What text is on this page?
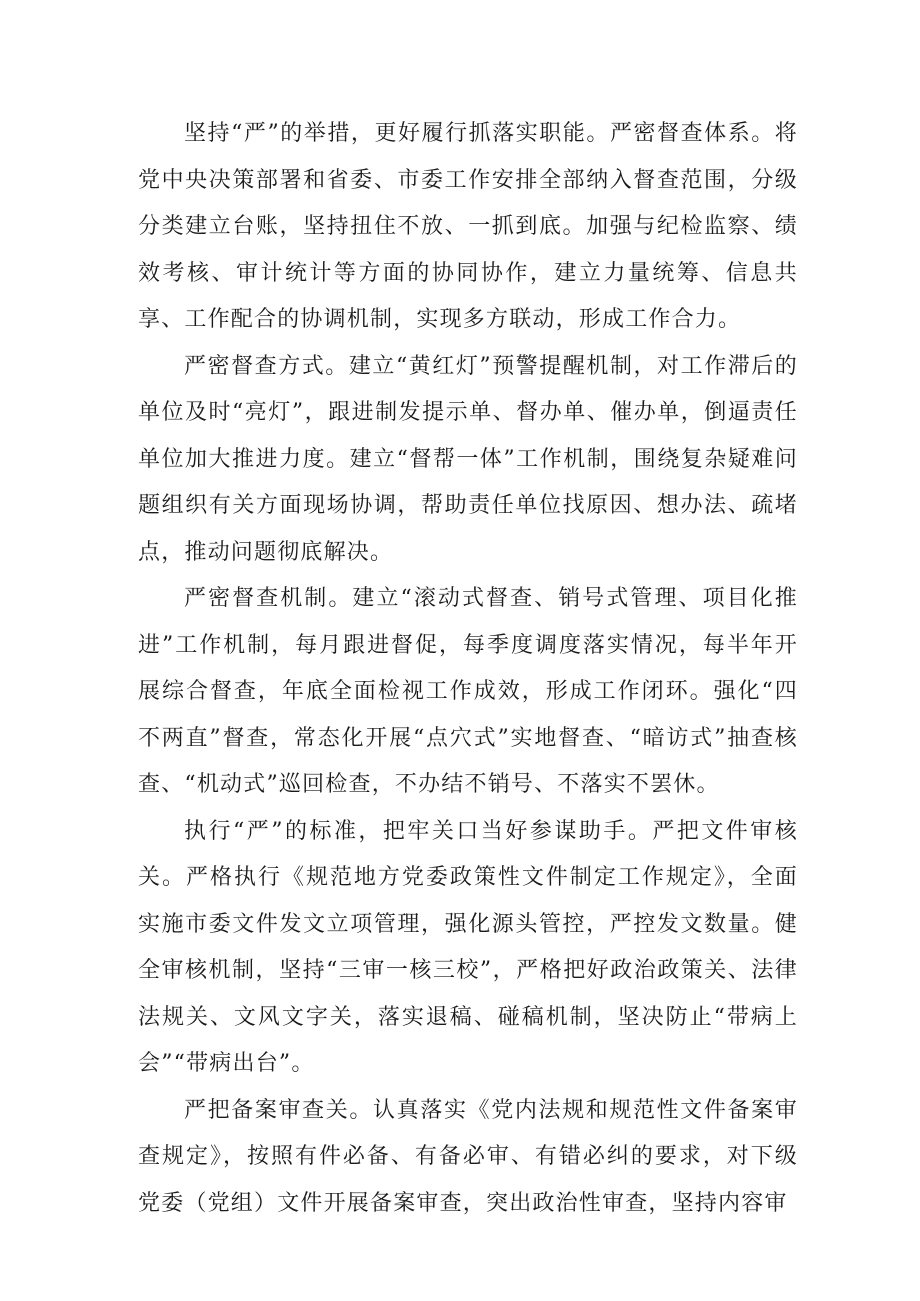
坚持“严”的举措，更好履行抓落实职能。严密督查体系。将党中央决策部署和省委、市委工作安排全部纳入督查范围，分级分类建立台账，坚持扭住不放、一抓到底。加强与纪检监察、绩效考核、审计统计等方面的协同协作，建立力量统筹、信息共享、工作配合的协调机制，实现多方联动，形成工作合力。

严密督查方式。建立“黄红灯”预警提醒机制，对工作滞后的单位及时“亮灯”，跟进制发提示单、督办单、催办单，倒逼责任单位加大推进力度。建立“督帮一体”工作机制，围绕复杂疑难问题组织有关方面现场协调，帮助责任单位找原因、想办法、疏堵点，推动问题彻底解决。

严密督查机制。建立“滚动式督查、销号式管理、项目化推进”工作机制，每月跟进督促，每季度调度落实情况，每半年开展综合督查，年底全面检视工作成效，形成工作闭环。强化“四不两直”督查，常态化开展“点穴式”实地督查、“暗访式”抽查核查、“机动式”巡回检查，不办结不销号、不落实不罢休。

执行“严”的标准，把牢关口当好参谋助手。严把文件审核关。严格执行《规范地方党委政策性文件制定工作规定》，全面实施市委文件发文立项管理，强化源头管控，严控发文数量。健全审核机制，坚持“三审一核三校”，严格把好政治政策关、法律法规关、文风文字关，落实退稿、碰稿机制，坚决防止“带病上会”“带病出台”。

严把备案审查关。认真落实《党内法规和规范性文件备案审查规定》，按照有件必备、有备必审、有错必纠的要求，对下级党委（党组）文件开展备案审查，突出政治性审查，坚持内容审
